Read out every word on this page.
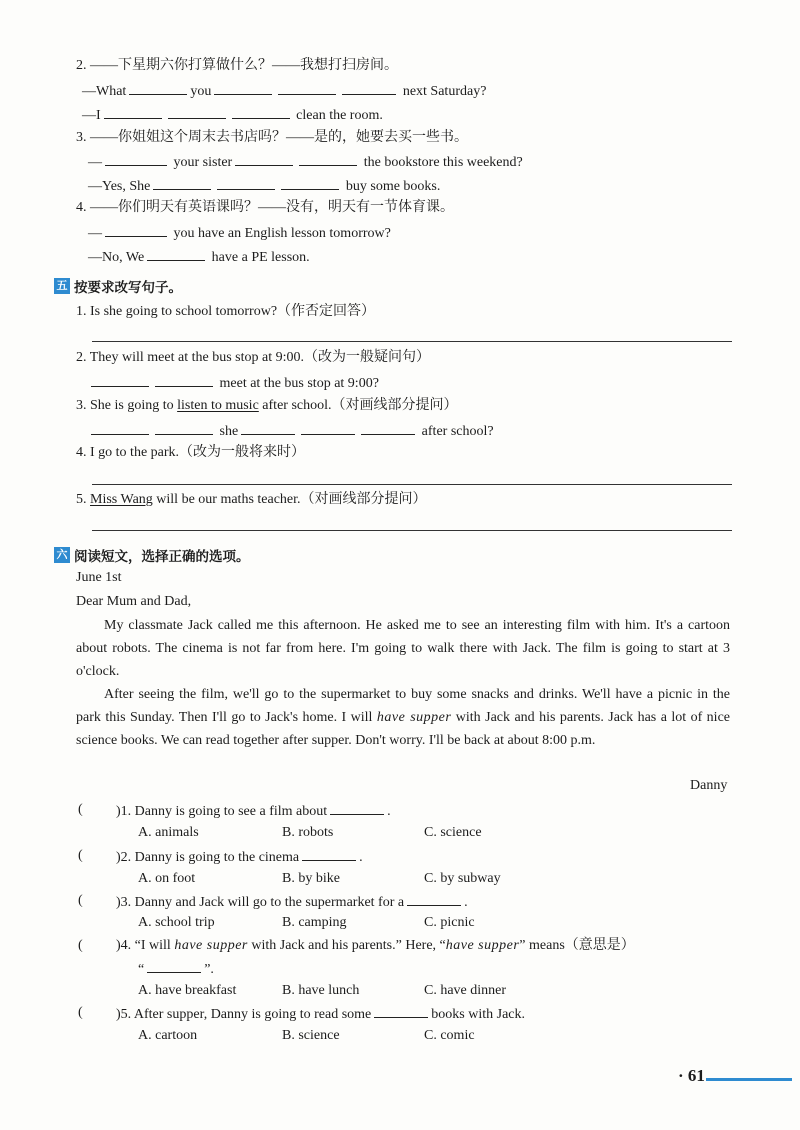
2. ——下星期六你打算做什么？——我想打扫房间。
—What	you	next Saturday?
—I	clean the room.
3. ——你姐姐这个周末去书店吗？——是的，她要去买一些书。
—	your sister	the bookstore this weekend?
—Yes, She	buy some books.
4. ——你们明天有英语课吗？——没有，明天有一节体育课。
—	you have an English lesson tomorrow?
—No, We	have a PE lesson.
五 按要求改写句子。
1. Is she going to school tomorrow?（作否定回答）
2. They will meet at the bus stop at 9:00.（改为一般疑问句）
meet at the bus stop at 9:00?
3. She is going to listen to music after school.（对画线部分提问）
she	after school?
4. I go to the park.（改为一般将来时）
5. Miss Wang will be our maths teacher.（对画线部分提问）
六 阅读短文，选择正确的选项。
June 1st
Dear Mum and Dad,

My classmate Jack called me this afternoon. He asked me to see an interesting film with him. It's a cartoon about robots. The cinema is not far from here. I'm going to walk there with Jack. The film is going to start at 3 o'clock.

After seeing the film, we'll go to the supermarket to buy some snacks and drinks. We'll have a picnic in the park this Sunday. Then I'll go to Jack's home. I will have supper with Jack and his parents. Jack has a lot of nice science books. We can read together after supper. Don't worry. I'll be back at about 8:00 p.m.

Danny
( )1. Danny is going to see a film about	.
A. animals	B. robots	C. science
( )2. Danny is going to the cinema	.
A. on foot	B. by bike	C. by subway
( )3. Danny and Jack will go to the supermarket for a	.
A. school trip	B. camping	C. picnic
( )4. “I will have supper with Jack and his parents.” Here, “have supper” means（意思是）
“	”.
A. have breakfast	B. have lunch	C. have dinner
( )5. After supper, Danny is going to read some	books with Jack.
A. cartoon	B. science	C. comic
· 61
